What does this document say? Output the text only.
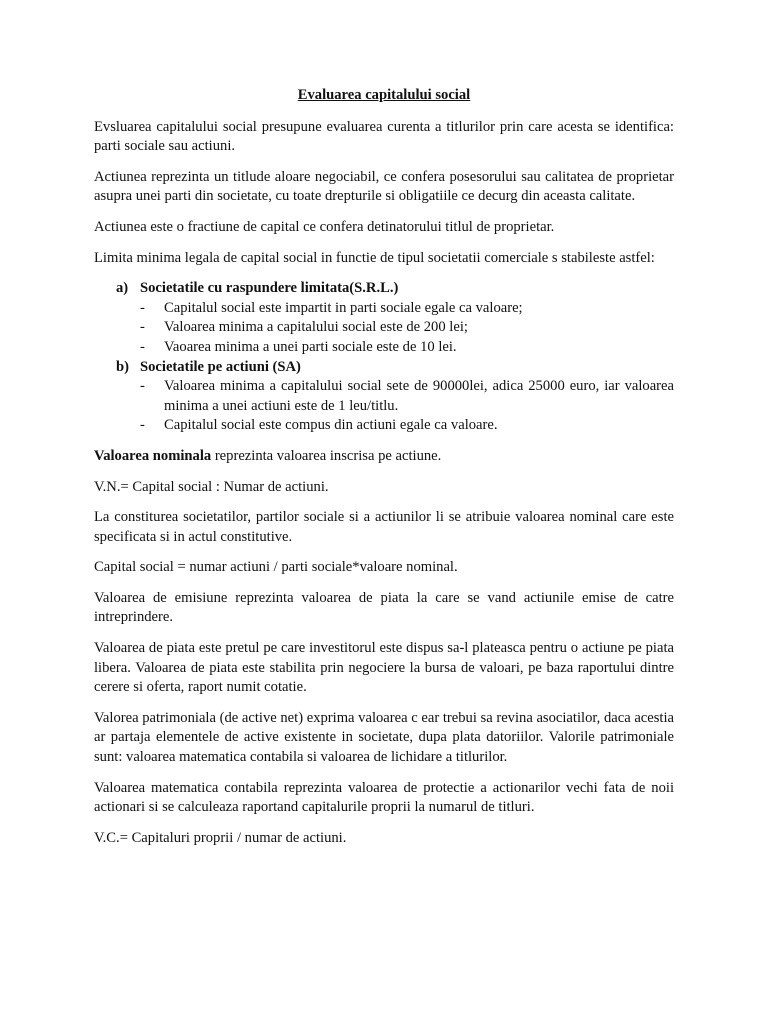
Evaluarea capitalului social

Evsluarea capitalului social presupune evaluarea curenta a titlurilor prin care acesta se identifica: parti sociale sau actiuni.

Actiunea reprezinta un titlude aloare negociabil, ce confera posesorului sau calitatea de proprietar asupra unei parti din societate, cu toate drepturile si obligatiile ce decurg din aceasta calitate.

Actiunea este o fractiune de capital ce confera detinatorului titlul de proprietar.

Limita minima legala de capital social in functie de tipul societatii comerciale s stabileste astfel:

a) Societatile cu raspundere limitata(S.R.L.)
- Capitalul social este impartit in parti sociale egale ca valoare;
- Valoarea minima a capitalului social este de 200 lei;
- Vaoarea minima a unei parti sociale este de 10 lei.
b) Societatile pe actiuni (SA)
- Valoarea minima a capitalului social sete de 90000lei, adica 25000 euro, iar valoarea minima a unei actiuni este de 1 leu/titlu.
- Capitalul social este compus din actiuni egale ca valoare.

Valoarea nominala reprezinta valoarea inscrisa pe actiune.

V.N.= Capital social : Numar de actiuni.

La constiturea societatilor, partilor sociale si a actiunilor li se atribuie valoarea nominal care este specificata si in actul constitutive.

Capital social = numar actiuni / parti sociale*valoare nominal.

Valoarea de emisiune reprezinta valoarea de piata la care se vand actiunile emise de catre intreprindere.

Valoarea de piata este pretul pe care investitorul este dispus sa-l plateasca pentru o actiune pe piata libera. Valoarea de piata este stabilita prin negociere la bursa de valoari, pe baza raportului dintre cerere si oferta, raport numit cotatie.

Valorea patrimoniala (de active net) exprima valoarea c ear trebui sa revina asociatilor, daca acestia ar partaja elementele de active existente in societate, dupa plata datoriilor. Valorile patrimoniale sunt: valoarea matematica contabila si valoarea de lichidare a titlurilor.

Valoarea matematica contabila reprezinta valoarea de protectie a actionarilor vechi fata de noii actionari si se calculeaza raportand capitalurile proprii la numarul de titluri.

V.C.= Capitaluri proprii / numar de actiuni.
